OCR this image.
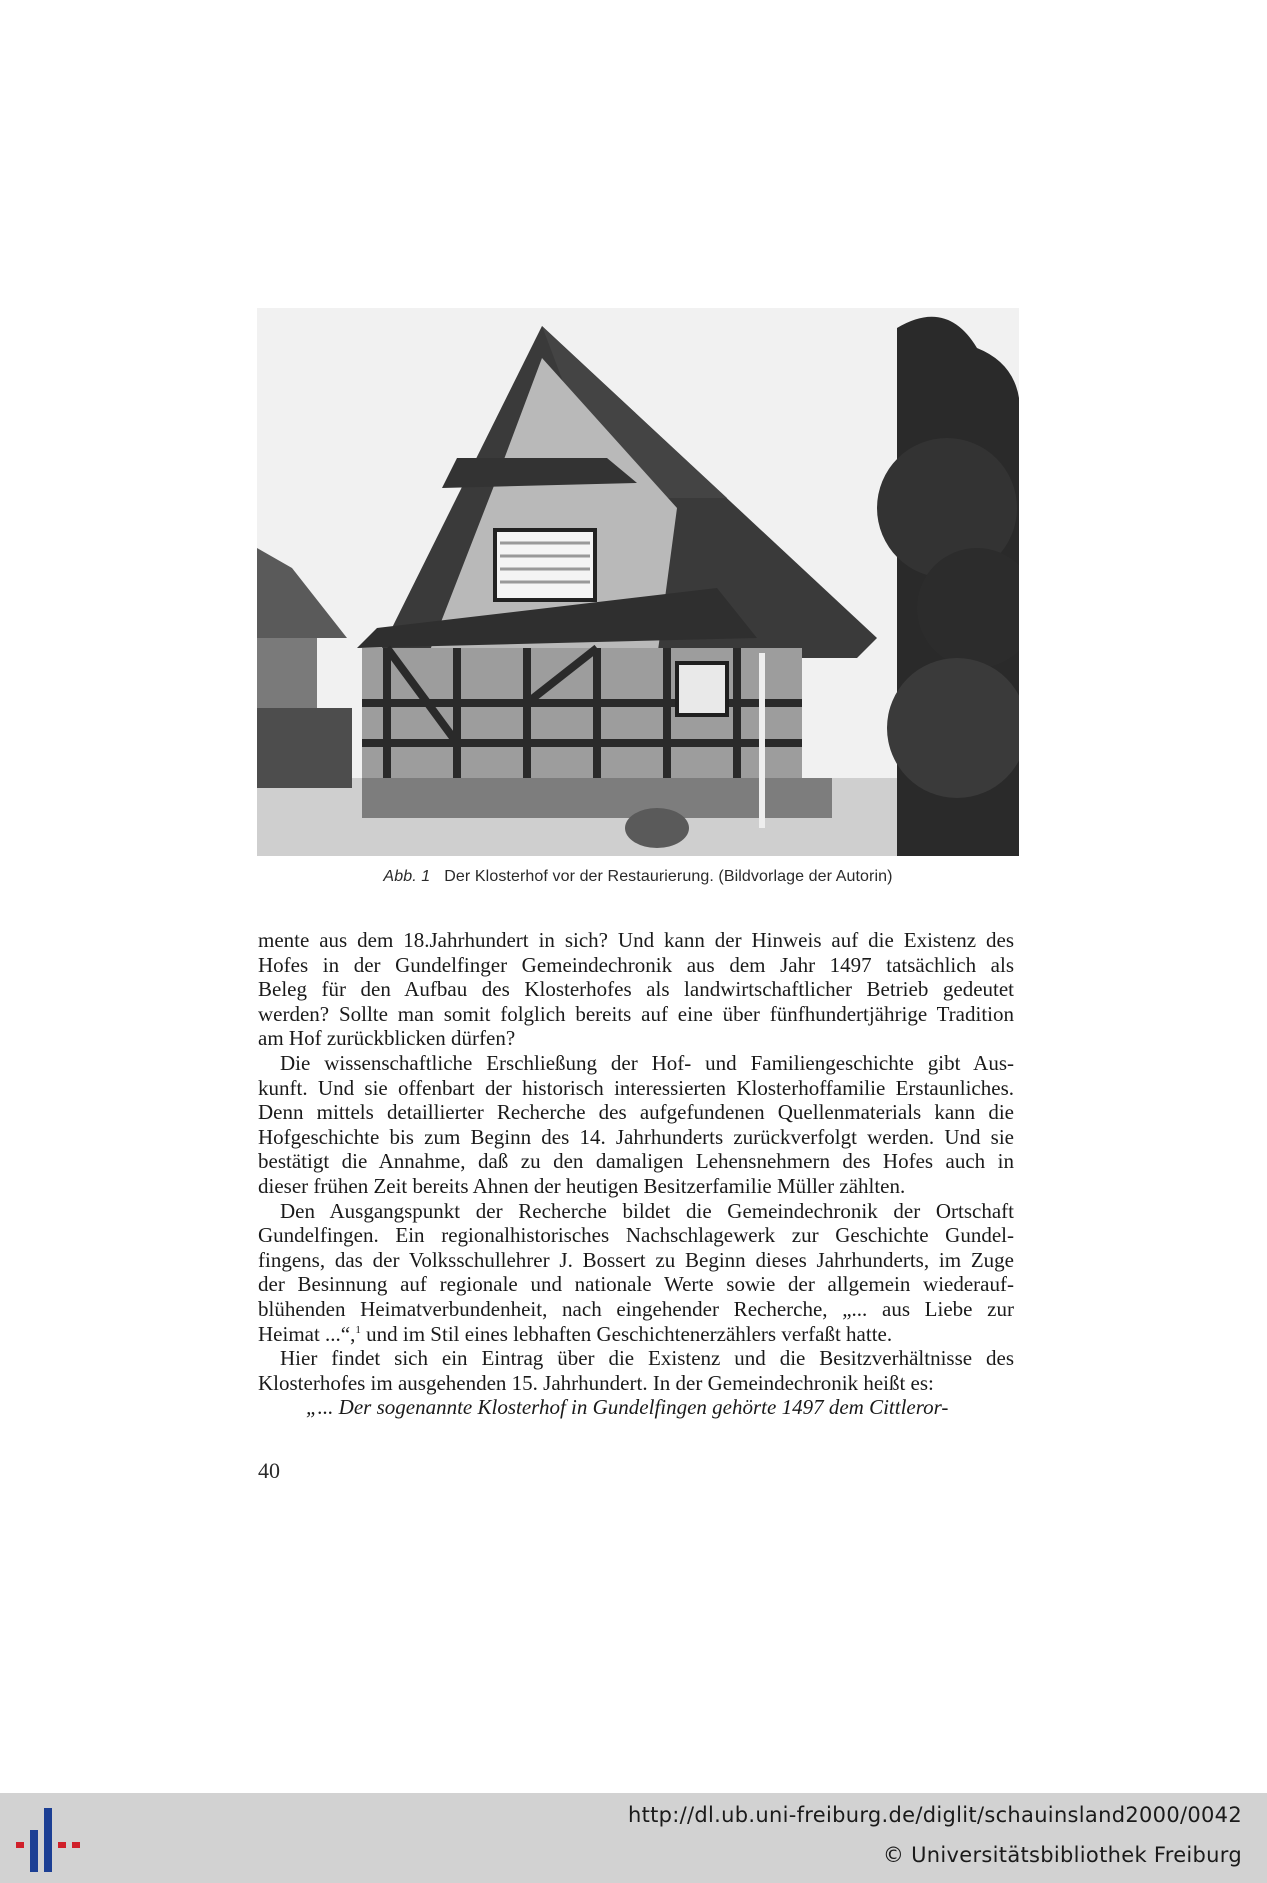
Abb. 1 Der Klosterhof vor der Restaurierung. (Bildvorlage der Autorin)

mente aus dem 18.Jahrhundert in sich? Und kann der Hinweis auf die Existenz des

Hofes in der Gundelfinger Gemeindechronik aus dem Jahr 1497 tatsächlich als

Beleg für den Aufbau des Klosterhofes als landwirtschaftlicher Betrieb gedeutet

werden? Sollte man somit folglich bereits auf eine über fünfhundertjährige Tradition

am Hof zurückblicken dürfen?

Die wissenschaftliche Erschließung der Hof- und Familiengeschichte gibt Aus-

kunft. Und sie offenbart der historisch interessierten Klosterhoffamilie Erstaunliches.

Denn mittels detaillierter Recherche des aufgefundenen Quellenmaterials kann die

Hofgeschichte bis zum Beginn des 14. Jahrhunderts zurückverfolgt werden. Und sie

bestätigt die Annahme, daß zu den damaligen Lehensnehmern des Hofes auch in

dieser frühen Zeit bereits Ahnen der heutigen Besitzerfamilie Müller zählten.

Den Ausgangspunkt der Recherche bildet die Gemeindechronik der Ortschaft

Gundelfingen. Ein regionalhistorisches Nachschlagewerk zur Geschichte Gundel-

fingens, das der Volksschullehrer J. Bossert zu Beginn dieses Jahrhunderts, im Zuge

der Besinnung auf regionale und nationale Werte sowie der allgemein wiederauf-

blühenden Heimatverbundenheit, nach eingehender Recherche, „... aus Liebe zur

Heimat ...“,$^1$ und im Stil eines lebhaften Geschichtenerzählers verfaßt hatte.

Hier findet sich ein Eintrag über die Existenz und die Besitzverhältnisse des

Klosterhofes im ausgehenden 15. Jahrhundert. In der Gemeindechronik heißt es:

„... Der sogenannte Klosterhof in Gundelfingen gehörte 1497 dem Cittleror-

40
http://dl.ub.uni-freiburg.de/diglit/schauinsland2000/0042
© Universitätsbibliothek Freiburg
